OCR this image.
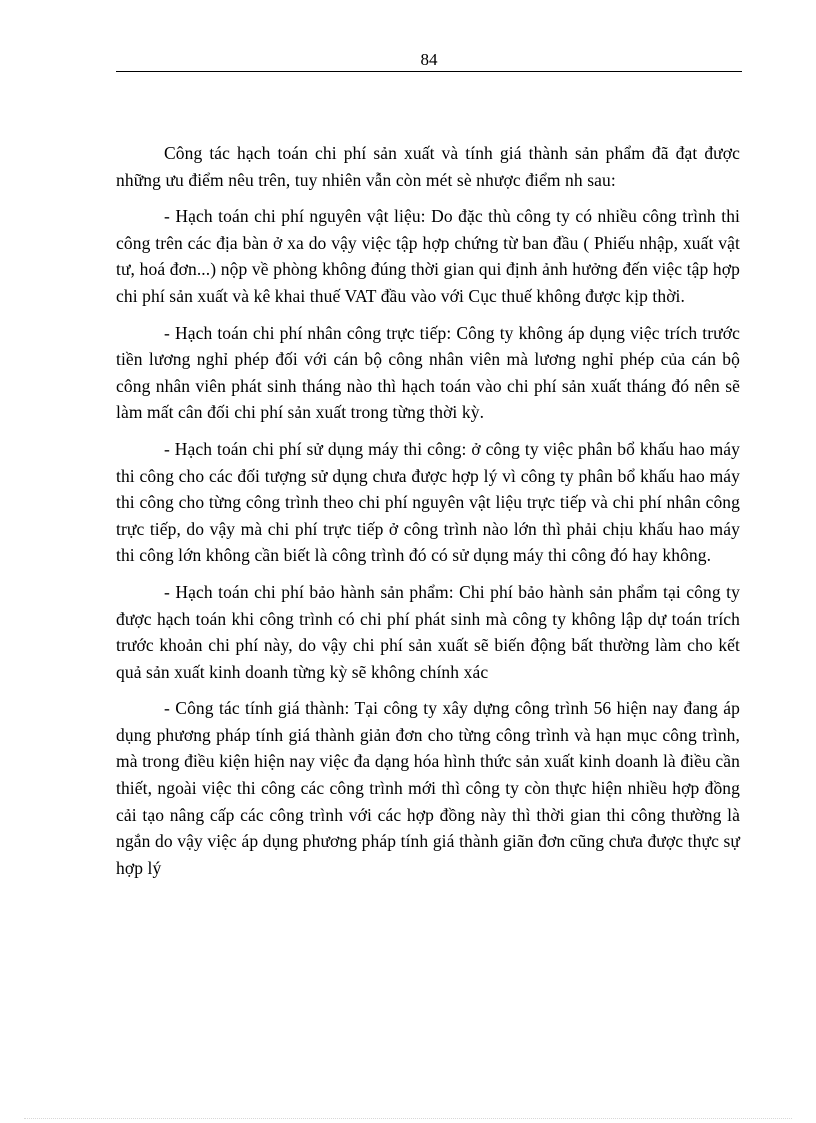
84

Công tác hạch toán chi phí sản xuất và tính giá thành sản phẩm đã đạt được những ưu điểm nêu trên, tuy nhiên vẫn còn mét sè nhược điểm nh sau:

- Hạch toán chi phí nguyên vật liệu: Do đặc thù công ty có nhiều công trình thi công trên các địa bàn ở xa do vậy việc tập hợp chứng từ ban đầu ( Phiếu nhập, xuất vật tư, hoá đơn...) nộp về phòng không đúng thời gian qui định ảnh hưởng đến việc tập hợp chi phí sản xuất và kê khai thuế VAT đầu vào với Cục thuế không được kịp thời.

- Hạch toán chi phí nhân công trực tiếp: Công ty không áp dụng việc trích trước tiền lương nghỉ phép đối với cán bộ công nhân viên mà lương nghỉ phép của cán bộ công nhân viên phát sinh tháng nào thì hạch toán vào chi phí sản xuất tháng đó nên sẽ làm mất cân đối chi phí sản xuất trong từng thời kỳ.

- Hạch toán chi phí sử dụng máy thi công: ở công ty việc phân bổ khấu hao máy thi công cho các đối tượng sử dụng chưa được hợp lý vì công ty phân bổ khấu hao máy thi công cho từng công trình theo chi phí nguyên vật liệu trực tiếp và chi phí nhân công trực tiếp, do vậy mà chi phí trực tiếp ở công trình nào lớn thì phải chịu khấu hao máy thi công lớn không cần biết là công trình đó có sử dụng máy thi công đó hay không.

- Hạch toán chi phí bảo hành sản phẩm: Chi phí bảo hành sản phẩm tại công ty được hạch toán khi công trình có chi phí phát sinh mà công ty không lập dự toán trích trước khoản chi phí này, do vậy chi phí sản xuất sẽ biến động bất thường làm cho kết quả sản xuất kinh doanh từng kỳ sẽ không chính xác

- Công tác tính giá thành: Tại công ty xây dựng công trình 56 hiện nay đang áp dụng phương pháp tính giá thành giản đơn cho từng công trình và hạn mục công trình, mà trong điều kiện hiện nay việc đa dạng hóa hình thức sản xuất kinh doanh là điều cần thiết, ngoài việc thi công các công trình mới thì công ty còn thực hiện nhiều hợp đồng cải tạo nâng cấp các công trình với các hợp đồng này thì thời gian thi công thường là ngắn do vậy việc áp dụng phương pháp tính giá thành giãn đơn cũng chưa được thực sự hợp lý
